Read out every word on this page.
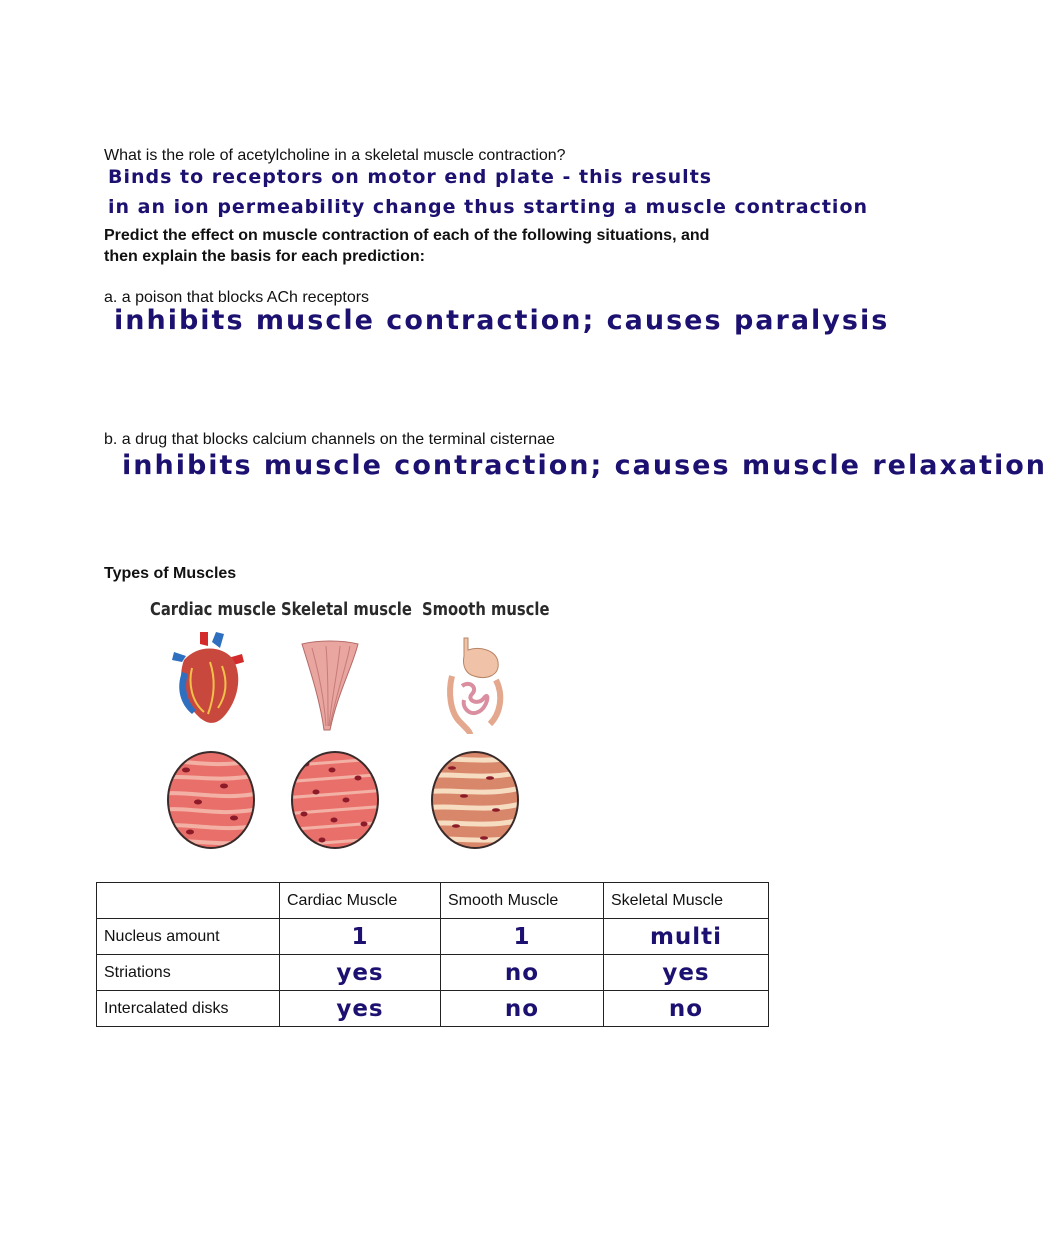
What is the role of acetylcholine in a skeletal muscle contraction?
Binds to receptors on motor end plate - this results
in an ion permeability change thus starting a muscle contraction
Predict the effect on muscle contraction of each of the following situations, and
then explain the basis for each prediction:
a. a poison that blocks ACh receptors
inhibits muscle contraction; causes paralysis
b. a drug that blocks calcium channels on the terminal cisternae
inhibits muscle contraction; causes muscle relaxation
Types of Muscles
Cardiac muscle Skeletal muscle Smooth muscle
	Cardiac Muscle	Smooth Muscle	Skeletal Muscle
Nucleus amount	1	1	multi
Striations	yes	no	yes
Intercalated disks	yes	no	no
